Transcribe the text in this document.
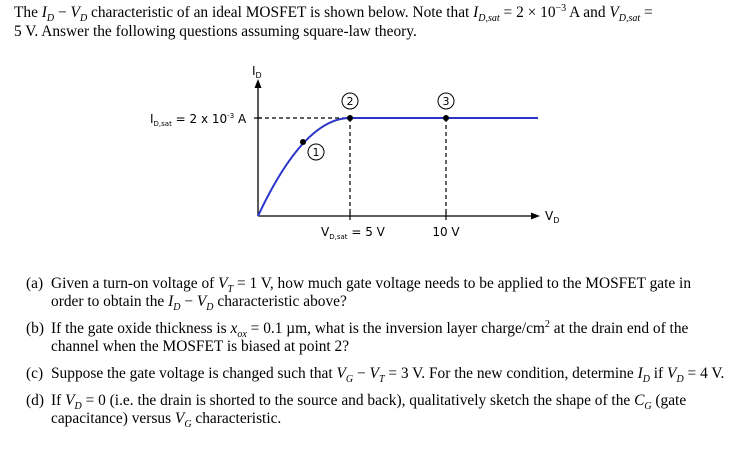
The $I_D - V_D$ characteristic of an ideal MOSFET is shown below. Note that $I_{D,sat} = 2 \times 10^{-3}$ A and $V_{D,sat}$ =

5 V. Answer the following questions assuming square-law theory.

1
2	3
$I_D$
$V_D$
$I_{D,sat} = 2$ x $10^{-3}$ A
$V_{D,sat} = 5$ V	10 V
(a) Given a turn-on voltage of $V_T = 1$ V, how much gate voltage needs to be applied to the MOSFET gate in order to obtain the $I_D - V_D$ characteristic above?
(b) If the gate oxide thickness is $x_{ox} = 0.1$ µm, what is the inversion layer charge/$cm^2$ at the drain end of the channel when the MOSFET is biased at point 2?
(c) Suppose the gate voltage is changed such that $V_G - V_T = 3$ V. For the new condition, determine $I_D$ if $V_D = 4$ V.
(d) If $V_D = 0$ (i.e. the drain is shorted to the source and back), qualitatively sketch the shape of the $C_G$ (gate capacitance) versus $V_G$ characteristic.
